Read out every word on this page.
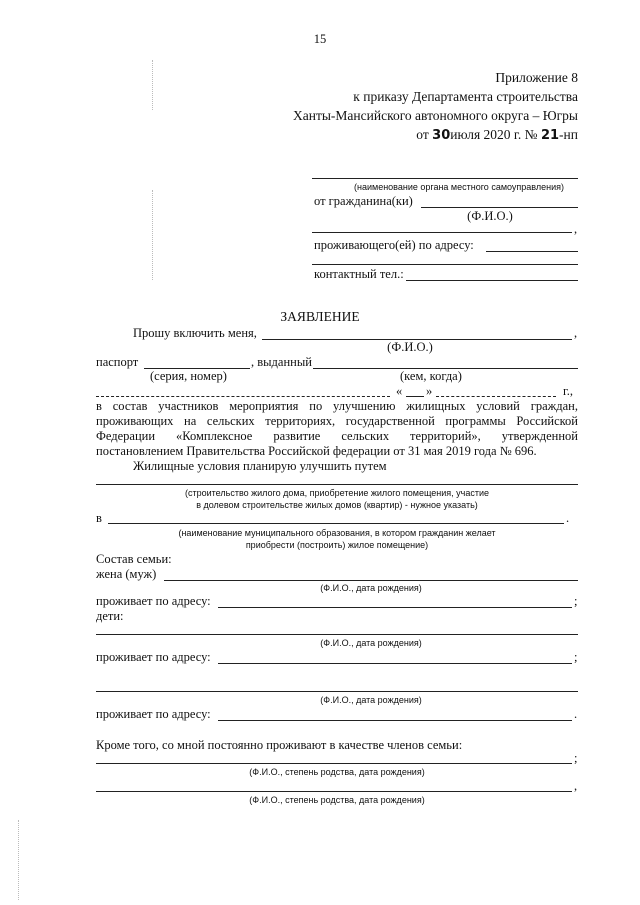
15
Приложение 8
к приказу Департамента строительства
Ханты-Мансийского автономного округа – Югры
от 30июля 2020 г. № 21-нп
(наименование органа местного самоуправления)
от гражданина(ки)
(Ф.И.О.)
,
проживающего(ей) по адресу:
контактный тел.:
ЗАЯВЛЕНИЕ
Прошу включить меня,	,
(Ф.И.О.)
паспорт	, выданный
(серия, номер)	(кем, когда)
« »	г.,
в состав участников мероприятия по улучшению жилищных условий граждан,
проживающих на сельских территориях, государственной программы Российской
Федерации «Комплексное развитие сельских территорий», утвержденной
постановлением Правительства Российской федерации от 31 мая 2019 года № 696.
Жилищные условия планирую улучшить путем
(строительство жилого дома, приобретение жилого помещения, участие
в долевом строительстве жилых домов (квартир) - нужное указать)
в	.
(наименование муниципального образования, в котором гражданин желает
приобрести (построить) жилое помещение)
Состав семьи:
жена (муж)
(Ф.И.О., дата рождения)
проживает по адресу:	;
дети:
(Ф.И.О., дата рождения)
проживает по адресу:	;
(Ф.И.О., дата рождения)
проживает по адресу:	.
Кроме того, со мной постоянно проживают в качестве членов семьи:
;
(Ф.И.О., степень родства, дата рождения)
,
(Ф.И.О., степень родства, дата рождения)
